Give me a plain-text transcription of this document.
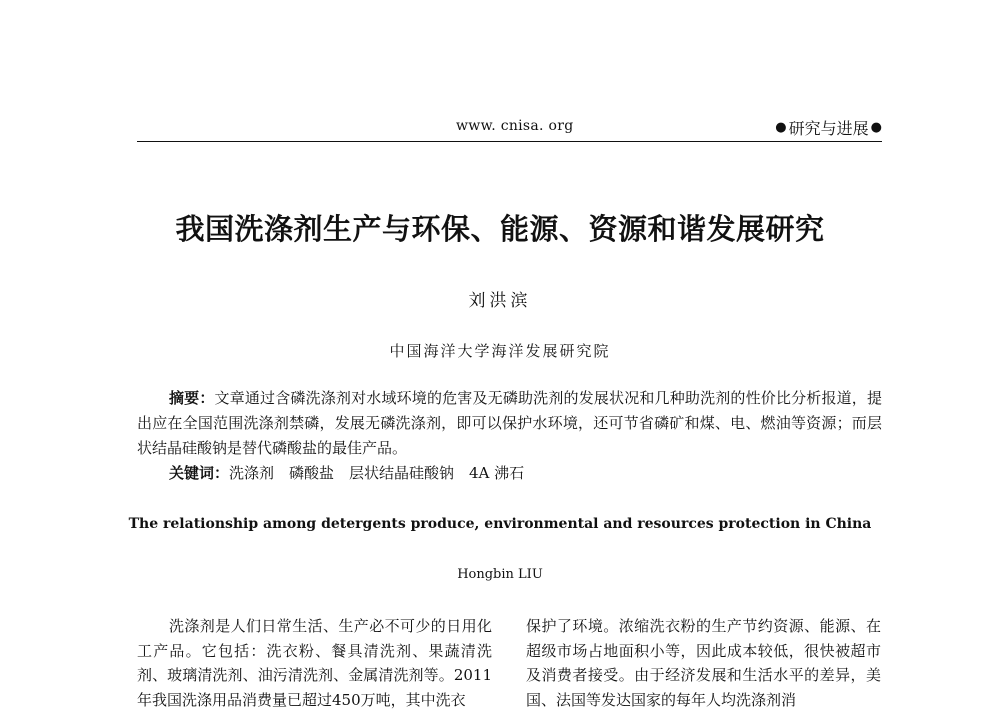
www. cnisa. org	● 研究与进展 ●
我国洗涤剂生产与环保、能源、资源和谐发展研究
刘洪滨
中国海洋大学海洋发展研究院
摘要：文章通过含磷洗涤剂对水域环境的危害及无磷助洗剂的发展状况和几种助洗剂的性价比分析报道，提出应在全国范围洗涤剂禁磷，发展无磷洗涤剂，即可以保护水环境，还可节省磷矿和煤、电、燃油等资源；而层状结晶硅酸钠是替代磷酸盐的最佳产品。
关键词：洗涤剂　磷酸盐　层状结晶硅酸钠　4A 沸石
The relationship among detergents produce, environmental and resources protection in China
Hongbin LIU
洗涤剂是人们日常生活、生产必不可少的日用化工产品。它包括：洗衣粉、餐具清洗剂、果蔬清洗剂、玻璃清洗剂、油污清洗剂、金属清洗剂等。2011年我国洗涤用品消费量已超过450万吨，其中洗衣
保护了环境。浓缩洗衣粉的生产节约资源、能源、在超级市场占地面积小等，因此成本较低，很快被超市及消费者接受。由于经济发展和生活水平的差异，美国、法国等发达国家的每年人均洗涤剂消
